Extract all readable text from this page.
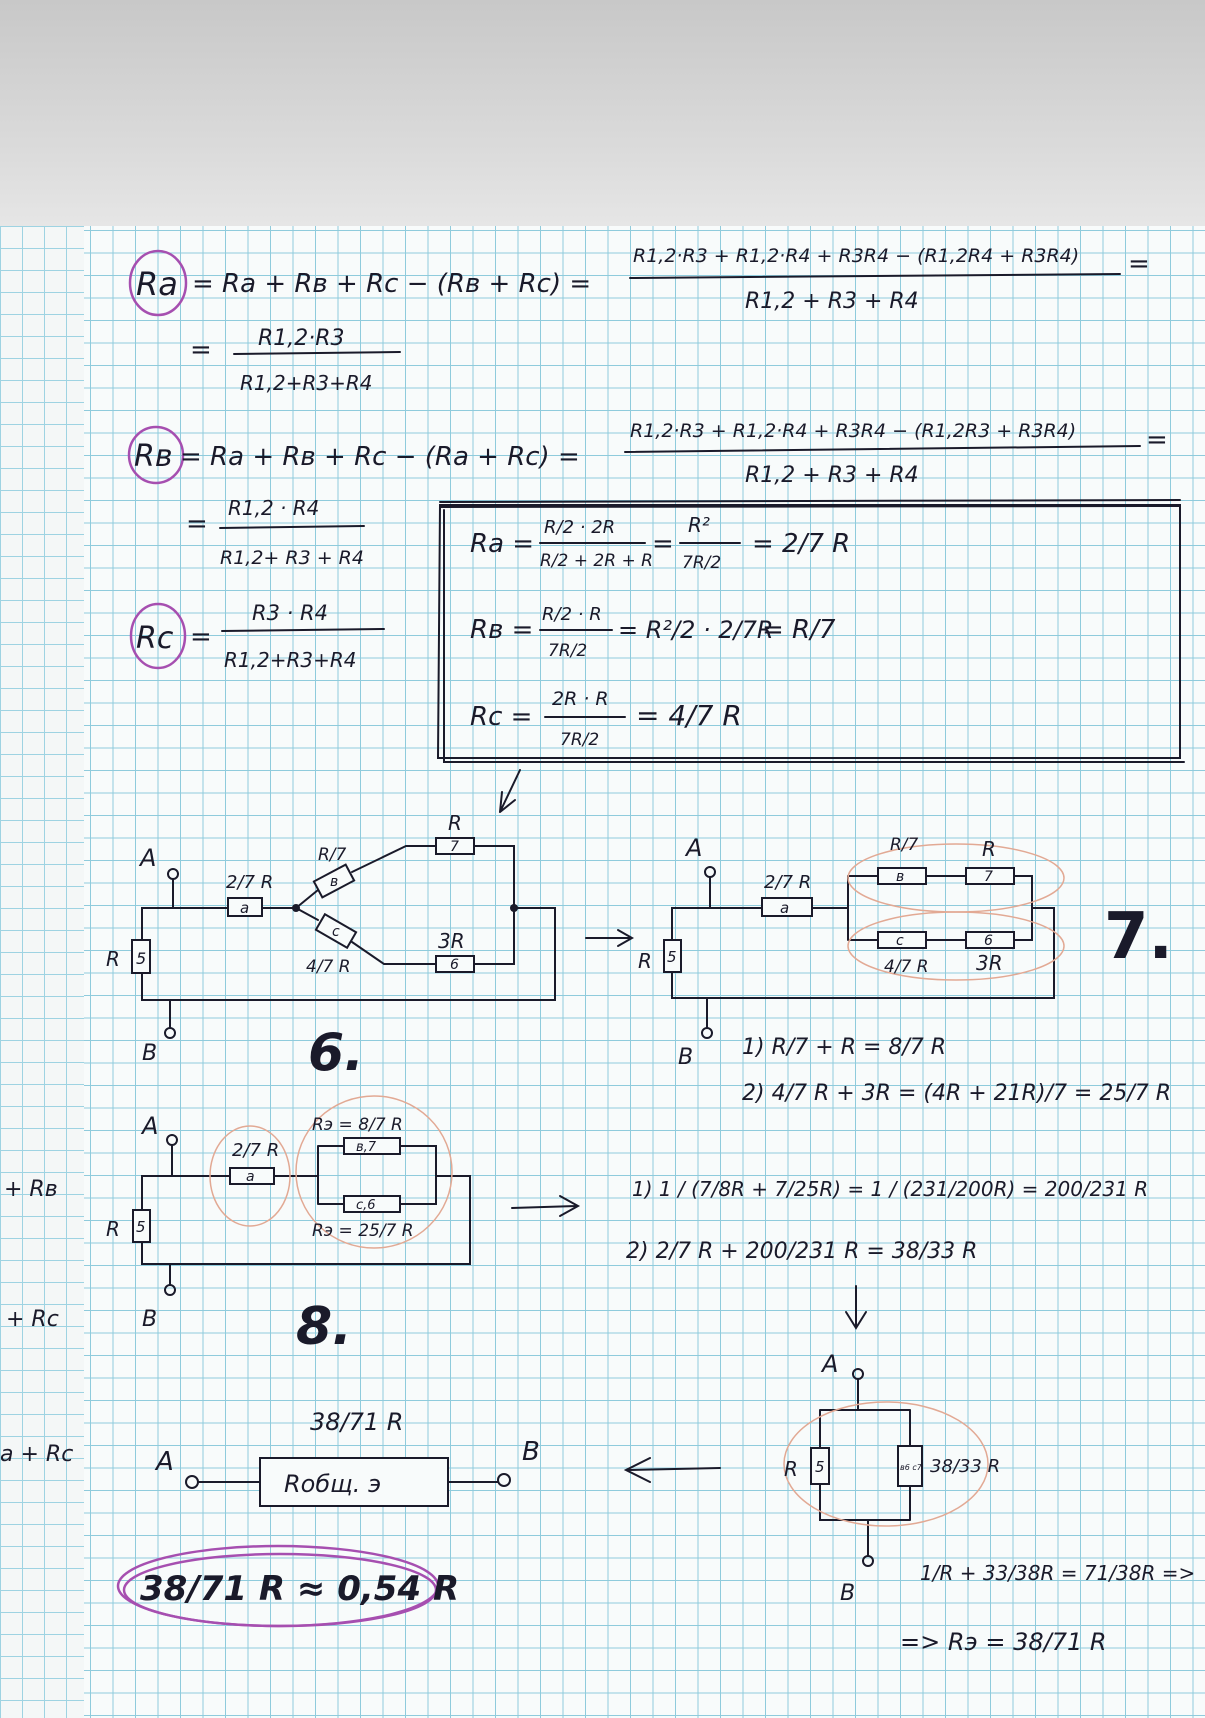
+ Rв
+ Rс
a + Rс
Rа = Rа + Rв + Rс − (Rв + Rс) =
R1,2·R3 + R1,2·R4 + R3R4 − (R1,2R4 + R3R4)
R1,2 + R3 + R4
=
= R1,2·R3
R1,2+R3+R4
Rв = Rа + Rв + Rс − (Rа + Rс) =
R1,2·R3 + R1,2·R4 + R3R4 − (R1,2R3 + R3R4)
R1,2 + R3 + R4
=
=
R1,2 · R4
R1,2+ R3 + R4
Rс =
R3 · R4
R1,2+R3+R4
Rа =
R/2 · 2R
R/2 + 2R + R
=
R²
7R/2
= 2/7 R
Rв =
R/2 · R
7R/2
= R²/2 · 2/7R
= R/7
Rс =
2R · R
7R/2
= 4/7 R
A
5
R
a
2/7 R	в
R/7
c
4/7 R
7
R
6
3R
B	6.
A
5
R
a
2/7 R	в
R/7
7
R
c
4/7 R
6
3R
B
7.
1) R/7 + R = 8/7 R
2) 4/7 R + 3R = (4R + 21R)/7 = 25/7 R
A
5
R
a
2/7 R	в,7
Rэ = 8/7 R
с,6
Rэ = 25/7 R
B	8.
1) 1 / (7/8R + 7/25R) = 1 / (231/200R) = 200/231 R
2) 2/7 R + 200/231 R = 38/33 R
A
5
R	в6 с7 38/33 R
B
1/R + 33/38R = 71/38R =>
=> Rэ = 38/71 R
38/71 R
A
Rобщ. э
B
38/71 R ≈ 0,54 R
